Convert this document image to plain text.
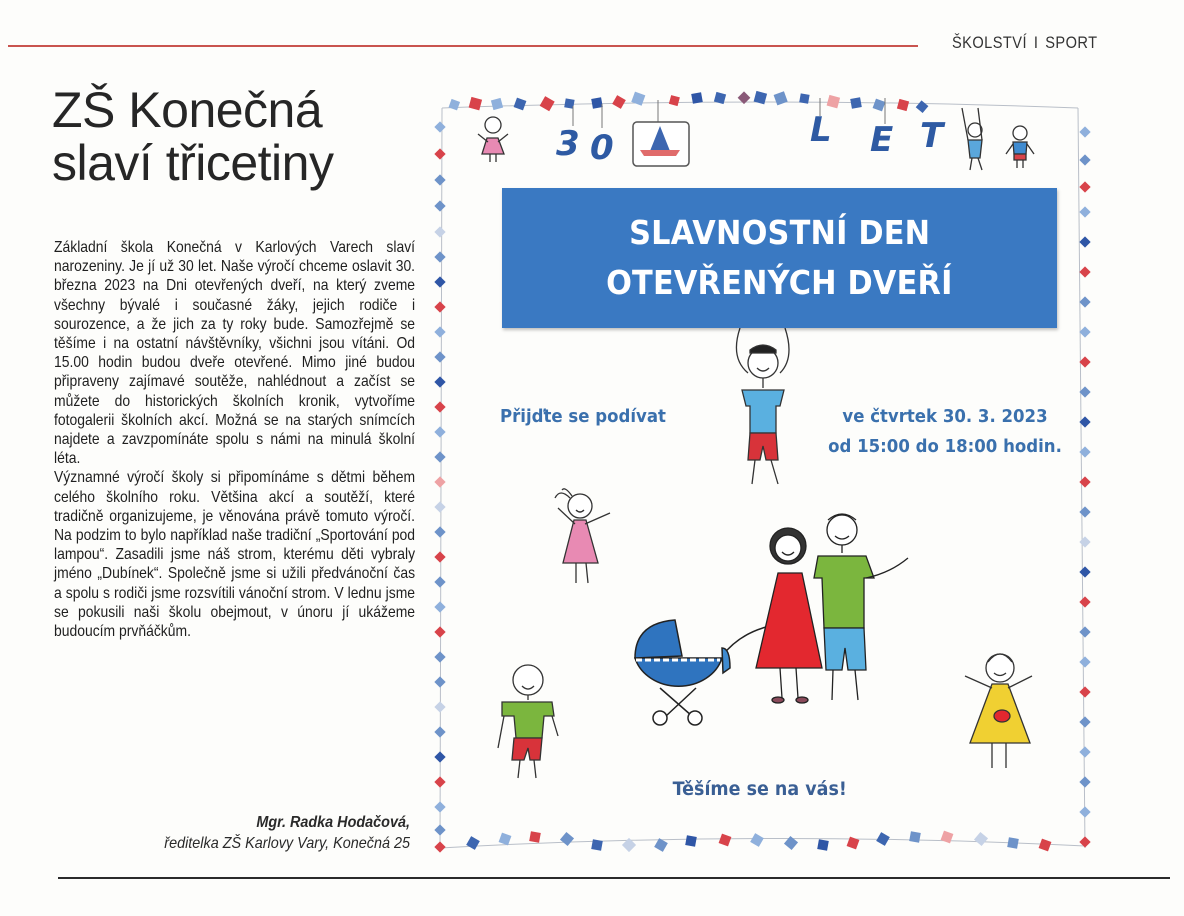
ŠKOLSTVÍ I SPORT
ZŠ Konečná
slaví třicetiny

Základní škola Konečná v Karlových Varech slaví narozeniny. Je jí už 30 let. Naše výročí chceme oslavit 30. března 2023 na Dni otevřených dveří, na který zveme všechny bývalé i současné žáky, jejich rodiče i sourozence, a že jich za ty roky bude. Samozřejmě se těšíme i na ostatní návštěvníky, všichni jsou vítáni. Od 15.00 hodin budou dveře otevřené. Mimo jiné budou připraveny zajímavé soutěže, nahlédnout a začíst se můžete do historických školních kronik, vytvoříme fotogalerii školních akcí. Možná se na starých snímcích najdete a zavzpomínáte spolu s námi na minulá školní léta.

Významné výročí školy si připomínáme s dětmi během celého školního roku. Většina akcí a soutěží, které tradičně organizujeme, je věnována právě tomuto výročí. Na podzim to bylo například naše tradiční „Sportování pod lampou“. Zasadili jsme náš strom, kterému děti vybraly jméno „Dubínek“. Společně jsme si užili předvánoční čas a spolu s rodiči jsme rozsvítili vánoční strom. V lednu jsme se pokusili naši školu obejmout, v únoru jí ukážeme budoucím prvňáčkům.

Mgr. Radka Hodačová,
ředitelka ZŠ Karlovy Vary, Konečná 25
3 0	L E T
SLAVNOSTNÍ DEN
OTEVŘENÝCH DVEŘÍ
Přijďte se podívat	ve čtvrtek 30. 3. 2023
od 15:00 do 18:00 hodin.
Těšíme se na vás!
